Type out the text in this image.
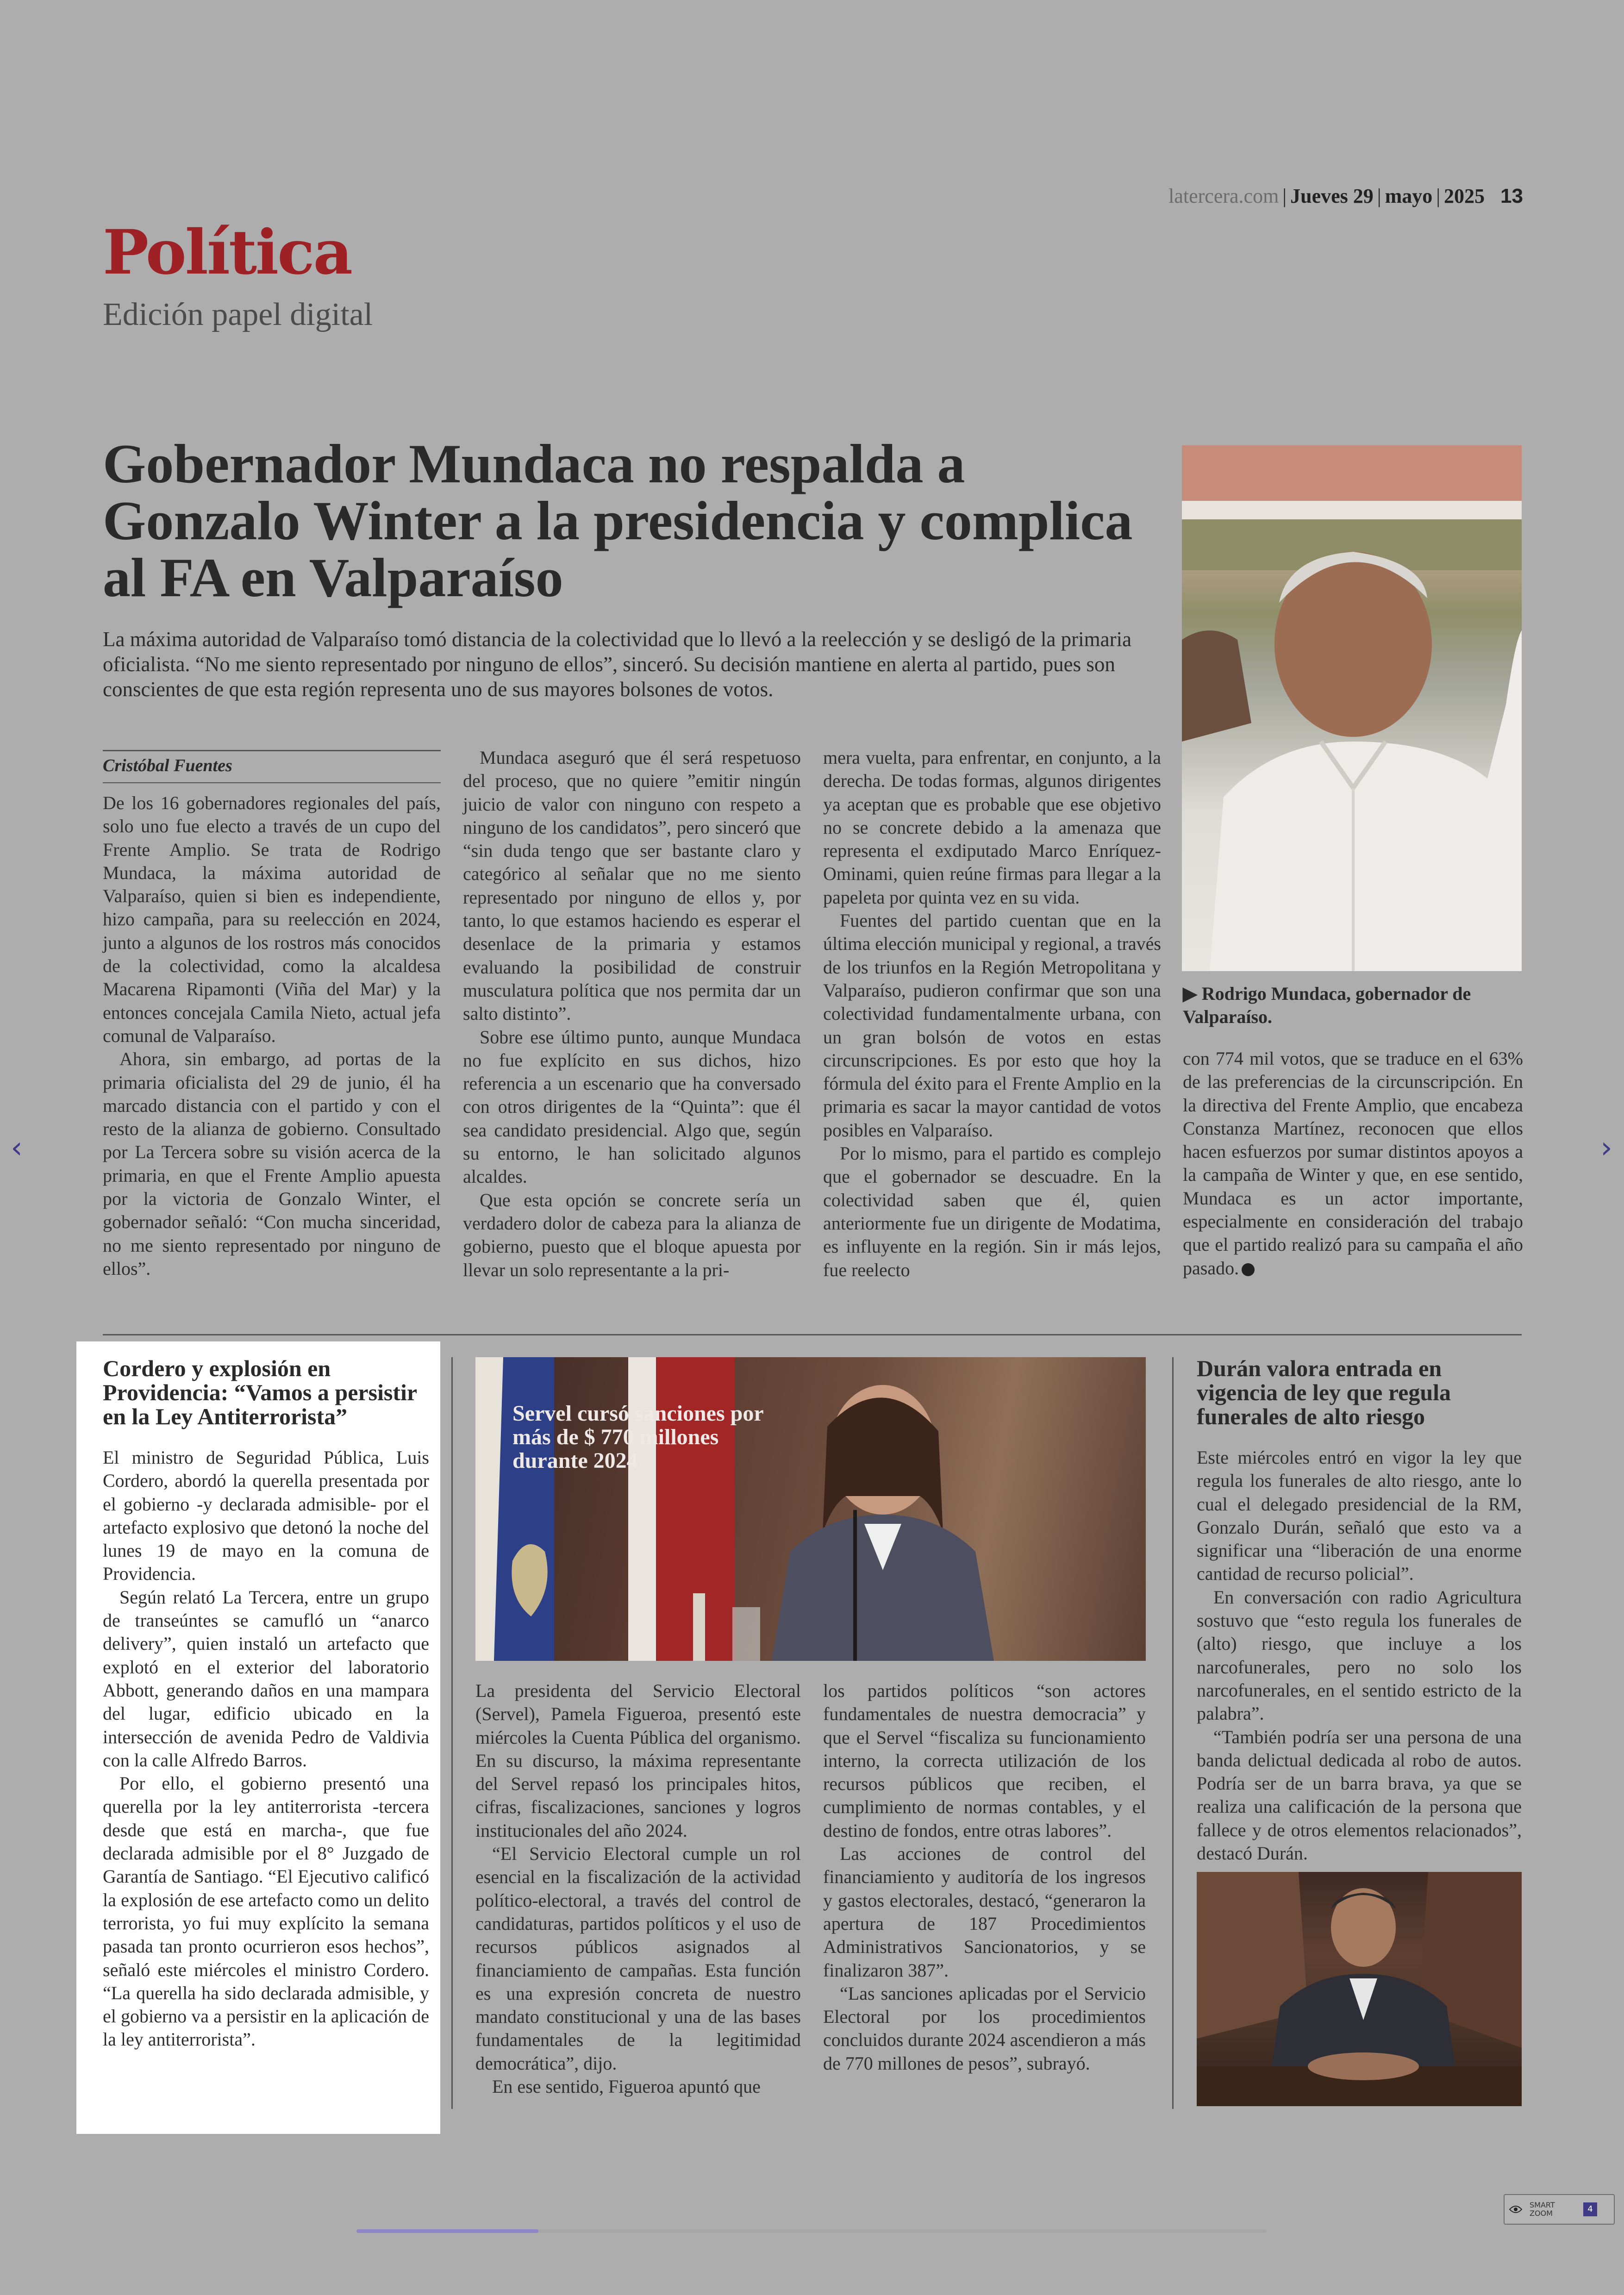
latercera.com | Jueves 29 | mayo | 2025 13
Política
Edición papel digital
Gobernador Mundaca no respalda a Gonzalo Winter a la presidencia y complica al FA en Valparaíso

La máxima autoridad de Valparaíso tomó distancia de la colectividad que lo llevó a la reelección y se desligó de la primaria oficialista. “No me siento representado por ninguno de ellos”, sinceró. Su decisión mantiene en alerta al partido, pues son conscientes de que esta región representa uno de sus mayores bolsones de votos.

▶ Rodrigo Mundaca, gobernador de Valparaíso.

Cristóbal Fuentes

De los 16 gobernadores regionales del país, solo uno fue electo a través de un cupo del Frente Amplio. Se trata de Rodrigo Mundaca, la máxima autoridad de Valparaíso, quien si bien es independiente, hizo campaña, para su reelección en 2024, junto a algunos de los rostros más conocidos de la colectividad, como la alcaldesa Macarena Ripamonti (Viña del Mar) y la entonces concejala Camila Nieto, actual jefa comunal de Valparaíso.

Ahora, sin embargo, ad portas de la primaria oficialista del 29 de junio, él ha marcado distancia con el partido y con el resto de la alianza de gobierno. Consultado por La Tercera sobre su visión acerca de la primaria, en que el Frente Amplio apuesta por la victoria de Gonzalo Winter, el gobernador señaló: “Con mucha sinceridad, no me siento representado por ninguno de ellos”.

Mundaca aseguró que él será respetuoso del proceso, que no quiere ”emitir ningún juicio de valor con ninguno con respeto a ninguno de los candidatos”, pero sinceró que “sin duda tengo que ser bastante claro y categórico al señalar que no me siento representado por ninguno de ellos y, por tanto, lo que estamos haciendo es esperar el desenlace de la primaria y estamos evaluando la posibilidad de construir musculatura política que nos permita dar un salto distinto”.

Sobre ese último punto, aunque Mundaca no fue explícito en sus dichos, hizo referencia a un escenario que ha conversado con otros dirigentes de la “Quinta”: que él sea candidato presidencial. Algo que, según su entorno, le han solicitado algunos alcaldes.

Que esta opción se concrete sería un verdadero dolor de cabeza para la alianza de gobierno, puesto que el bloque apuesta por llevar un solo representante a la pri-

mera vuelta, para enfrentar, en conjunto, a la derecha. De todas formas, algunos dirigentes ya aceptan que es probable que ese objetivo no se concrete debido a la amenaza que representa el exdiputado Marco Enríquez-Ominami, quien reúne firmas para llegar a la papeleta por quinta vez en su vida.

Fuentes del partido cuentan que en la última elección municipal y regional, a través de los triunfos en la Región Metropolitana y Valparaíso, pudieron confirmar que son una colectividad fundamentalmente urbana, con un gran bolsón de votos en estas circunscripciones. Es por esto que hoy la fórmula del éxito para el Frente Amplio en la primaria es sacar la mayor cantidad de votos posibles en Valparaíso.

Por lo mismo, para el partido es complejo que el gobernador se descuadre. En la colectividad saben que él, quien anteriormente fue un dirigente de Modatima, es influyente en la región. Sin ir más lejos, fue reelecto

con 774 mil votos, que se traduce en el 63% de las preferencias de la circunscripción. En la directiva del Frente Amplio, que encabeza Constanza Martínez, reconocen que ellos hacen esfuerzos por sumar distintos apoyos a la campaña de Winter y que, en ese sentido, Mundaca es un actor importante, especialmente en consideración del trabajo que el partido realizó para su campaña el año pasado.

Cordero y explosión en Providencia: “Vamos a persistir en la Ley Antiterrorista”

El ministro de Seguridad Pública, Luis Cordero, abordó la querella presentada por el gobierno -y declarada admisible- por el artefacto explosivo que detonó la noche del lunes 19 de mayo en la comuna de Providencia.

Según relató La Tercera, entre un grupo de transeúntes se camufló un “anarco delivery”, quien instaló un artefacto que explotó en el exterior del laboratorio Abbott, generando daños en una mampara del lugar, edificio ubicado en la intersección de avenida Pedro de Valdivia con la calle Alfredo Barros.

Por ello, el gobierno presentó una querella por la ley antiterrorista -tercera desde que está en marcha-, que fue declarada admisible por el 8° Juzgado de Garantía de Santiago. “El Ejecutivo calificó la explosión de ese artefacto como un delito terrorista, yo fui muy explícito la semana pasada tan pronto ocurrieron esos hechos”, señaló este miércoles el ministro Cordero. “La querella ha sido declarada admisible, y el gobierno va a persistir en la aplicación de la ley antiterrorista”.

Servel cursó sanciones por más de $ 770 millones durante 2024

La presidenta del Servicio Electoral (Servel), Pamela Figueroa, presentó este miércoles la Cuenta Pública del organismo. En su discurso, la máxima representante del Servel repasó los principales hitos, cifras, fiscalizaciones, sanciones y logros institucionales del año 2024.

“El Servicio Electoral cumple un rol esencial en la fiscalización de la actividad político-electoral, a través del control de candidaturas, partidos políticos y el uso de recursos públicos asignados al financiamiento de campañas. Esta función es una expresión concreta de nuestro mandato constitucional y una de las bases fundamentales de la legitimidad democrática”, dijo.

En ese sentido, Figueroa apuntó que

los partidos políticos “son actores fundamentales de nuestra democracia” y que el Servel “fiscaliza su funcionamiento interno, la correcta utilización de los recursos públicos que reciben, el cumplimiento de normas contables, y el destino de fondos, entre otras labores”.

Las acciones de control del financiamiento y auditoría de los ingresos y gastos electorales, destacó, “generaron la apertura de 187 Procedimientos Administrativos Sancionatorios, y se finalizaron 387”.

“Las sanciones aplicadas por el Servicio Electoral por los procedimientos concluidos durante 2024 ascendieron a más de 770 millones de pesos”, subrayó.

Durán valora entrada en vigencia de ley que regula funerales de alto riesgo

Este miércoles entró en vigor la ley que regula los funerales de alto riesgo, ante lo cual el delegado presidencial de la RM, Gonzalo Durán, señaló que esto va a significar una “liberación de una enorme cantidad de recurso policial”.

En conversación con radio Agricultura sostuvo que “esto regula los funerales de (alto) riesgo, que incluye a los narcofunerales, pero no solo los narcofunerales, en el sentido estricto de la palabra”.

“También podría ser una persona de una banda delictual dedicada al robo de autos. Podría ser de un barra brava, ya que se realiza una calificación de la persona que fallece y de otros elementos relacionados”, destacó Durán.

‹	›
SMART ZOOM	4
